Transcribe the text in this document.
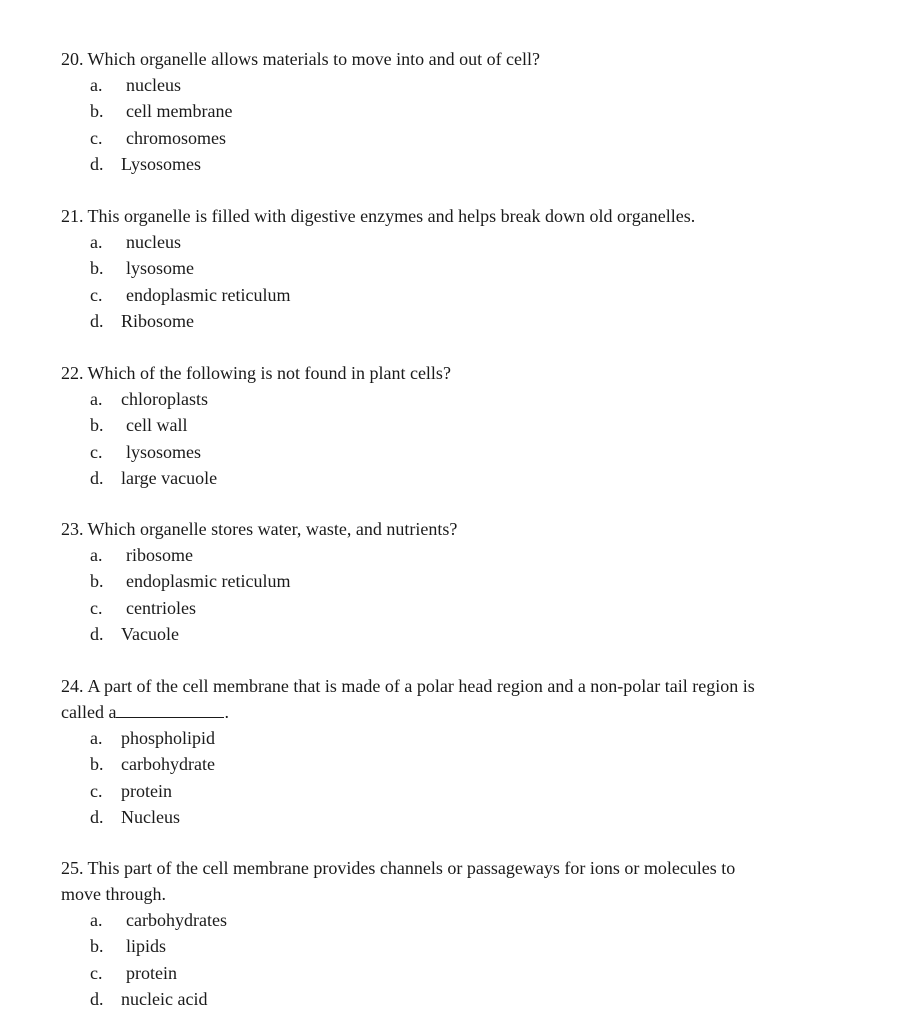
20. Which organelle allows materials to move into and out of cell?

a. nucleus
b. cell membrane
c. chromosomes
d. Lysosomes

21. This organelle is filled with digestive enzymes and helps break down old organelles.

a. nucleus
b. lysosome
c. endoplasmic reticulum
d. Ribosome

22. Which of the following is not found in plant cells?

a. chloroplasts
b. cell wall
c. lysosomes
d. large vacuole

23. Which organelle stores water, waste, and nutrients?

a. ribosome
b. endoplasmic reticulum
c. centrioles
d. Vacuole

24. A part of the cell membrane that is made of a polar head region and a non-polar tail region is
called a	.

a. phospholipid
b. carbohydrate
c. protein
d. Nucleus

25. This part of the cell membrane provides channels or passageways for ions or molecules to
move through.

a. carbohydrates
b. lipids
c. protein
d. nucleic acid
